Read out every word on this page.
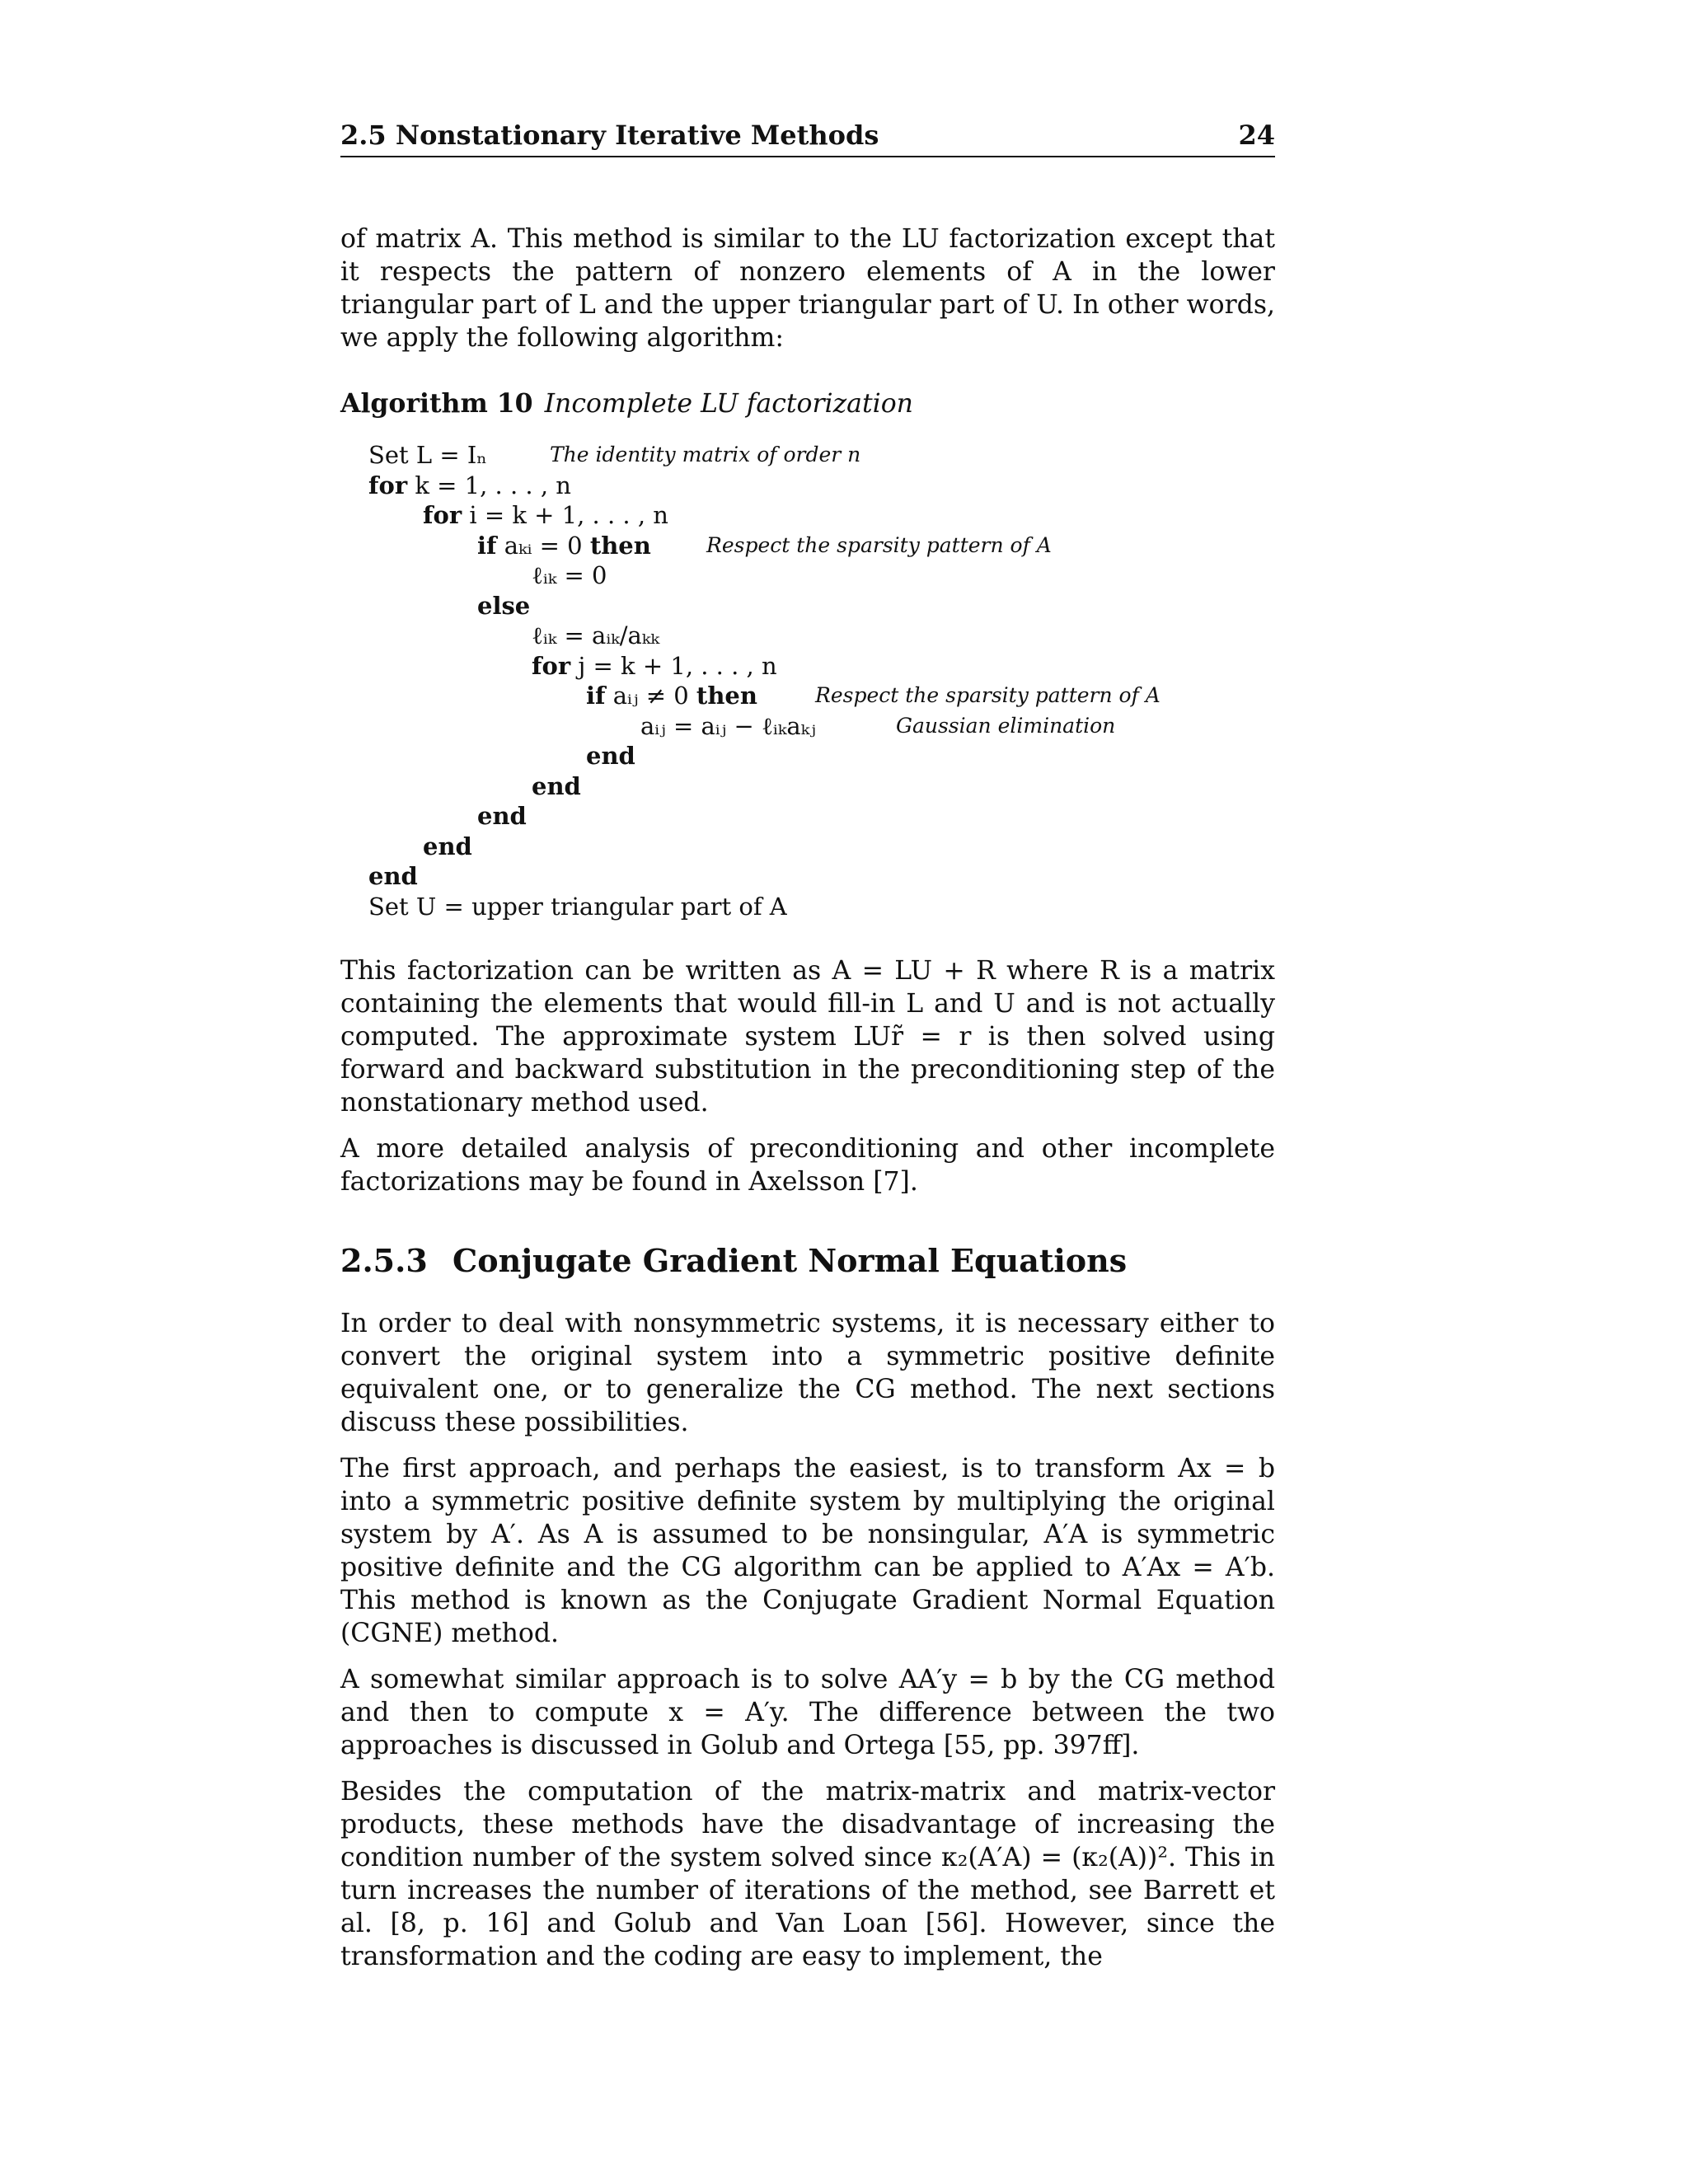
2.5 Nonstationary Iterative Methods	24

of matrix A. This method is similar to the LU factorization except that it respects the pattern of nonzero elements of A in the lower triangular part of L and the upper triangular part of U. In other words, we apply the following algorithm:

Algorithm 10 Incomplete LU factorization
Set L = Iₙ	The identity matrix of order n
for k = 1, . . . , n
for i = k + 1, . . . , n
if aₖᵢ = 0 then	Respect the sparsity pattern of A
ℓᵢₖ = 0
else
ℓᵢₖ = aᵢₖ/aₖₖ
for j = k + 1, . . . , n
if aᵢⱼ ≠ 0 then	Respect the sparsity pattern of A
aᵢⱼ = aᵢⱼ − ℓᵢₖaₖⱼ	Gaussian elimination
end
end
end
end
end
Set U = upper triangular part of A

This factorization can be written as A = LU + R where R is a matrix containing the elements that would fill-in L and U and is not actually computed. The approximate system LUr̃ = r is then solved using forward and backward substitution in the preconditioning step of the nonstationary method used.

A more detailed analysis of preconditioning and other incomplete factorizations may be found in Axelsson [7].

2.5.3 Conjugate Gradient Normal Equations

In order to deal with nonsymmetric systems, it is necessary either to convert the original system into a symmetric positive definite equivalent one, or to generalize the CG method. The next sections discuss these possibilities.

The first approach, and perhaps the easiest, is to transform Ax = b into a symmetric positive definite system by multiplying the original system by A′. As A is assumed to be nonsingular, A′A is symmetric positive definite and the CG algorithm can be applied to A′Ax = A′b. This method is known as the Conjugate Gradient Normal Equation (CGNE) method.

A somewhat similar approach is to solve AA′y = b by the CG method and then to compute x = A′y. The difference between the two approaches is discussed in Golub and Ortega [55, pp. 397ff].

Besides the computation of the matrix-matrix and matrix-vector products, these methods have the disadvantage of increasing the condition number of the system solved since κ₂(A′A) = (κ₂(A))². This in turn increases the number of iterations of the method, see Barrett et al. [8, p. 16] and Golub and Van Loan [56]. However, since the transformation and the coding are easy to implement, the
